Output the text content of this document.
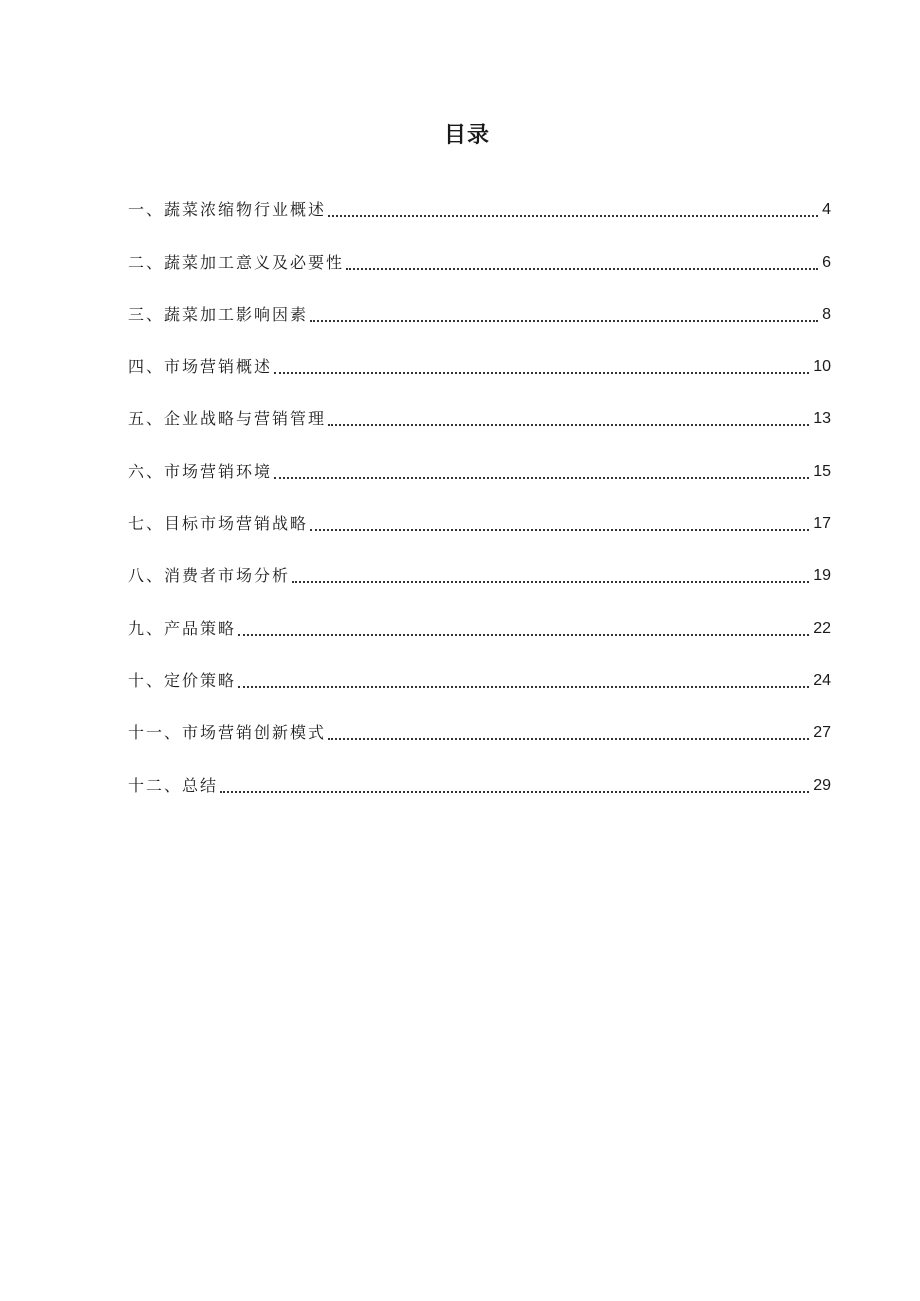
目录
一、蔬菜浓缩物行业概述	4
二、蔬菜加工意义及必要性	6
三、蔬菜加工影响因素	8
四、市场营销概述	10
五、企业战略与营销管理	13
六、市场营销环境	15
七、目标市场营销战略	17
八、消费者市场分析	19
九、产品策略	22
十、定价策略	24
十一、市场营销创新模式	27
十二、总结	29
